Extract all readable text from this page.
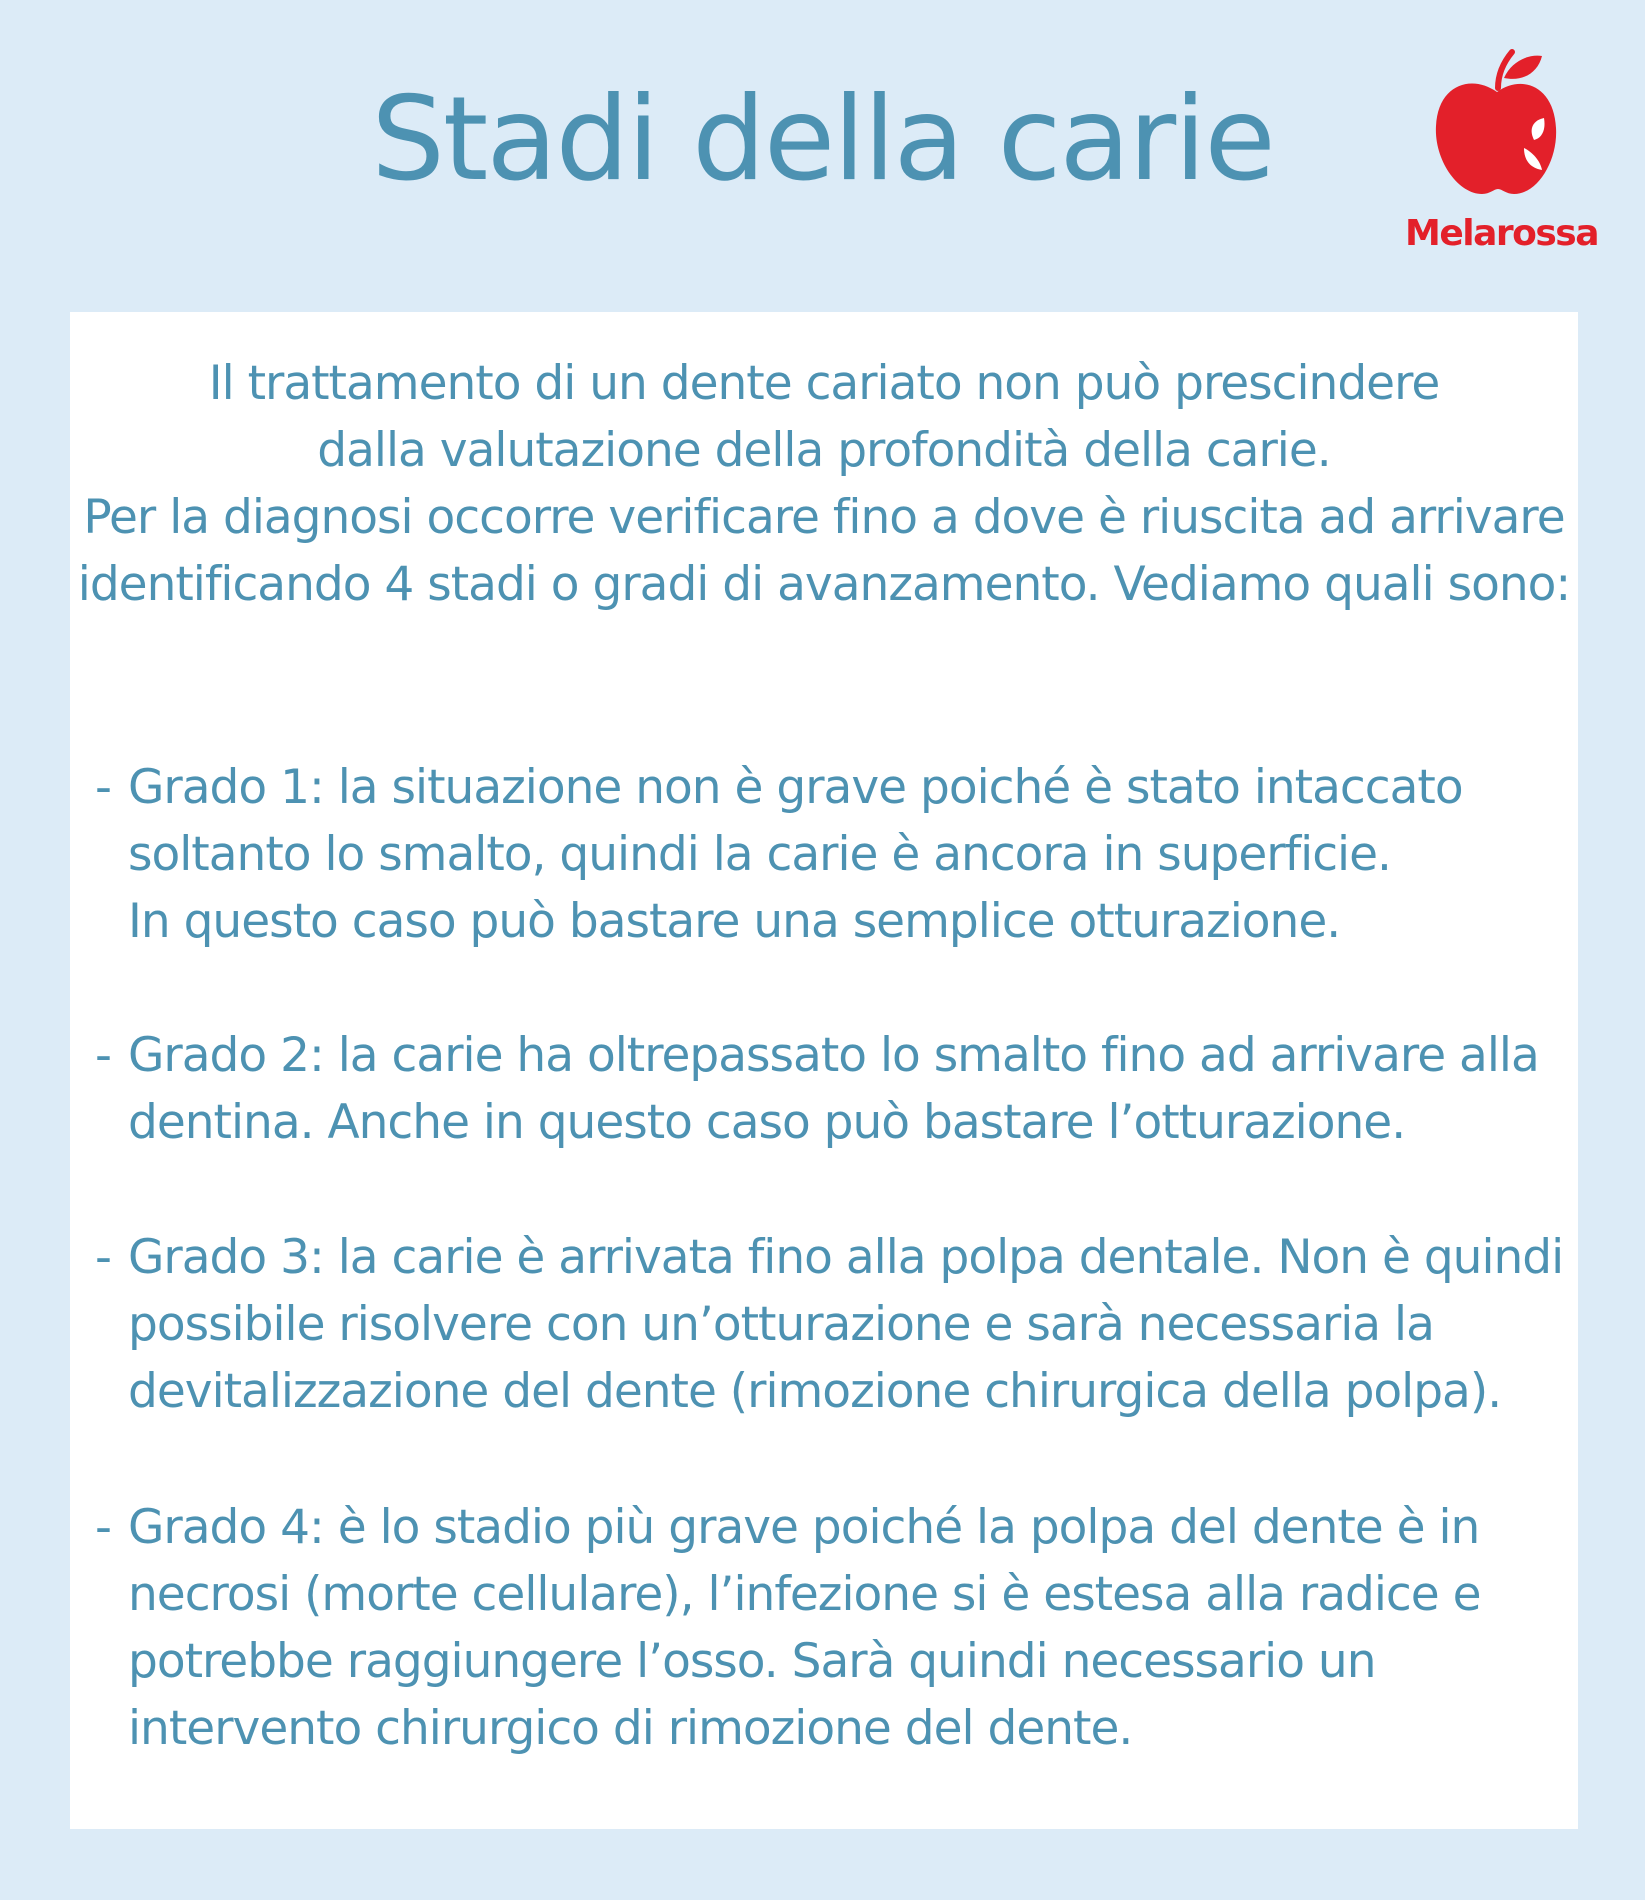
Stadi della carie
Melarossa

Il trattamento di un dente cariato non può prescindere
dalla valutazione della profondità della carie.

Per la diagnosi occorre verificare fino a dove è riuscita ad arrivare
identificando 4 stadi o gradi di avanzamento. Vediamo quali sono:

- Grado 1: la situazione non è grave poiché è stato intaccato
soltanto lo smalto, quindi la carie è ancora in superficie.
In questo caso può bastare una semplice otturazione.
- Grado 2: la carie ha oltrepassato lo smalto fino ad arrivare alla
dentina. Anche in questo caso può bastare l’otturazione.
- Grado 3: la carie è arrivata fino alla polpa dentale. Non è quindi
possibile risolvere con un’otturazione e sarà necessaria la
devitalizzazione del dente (rimozione chirurgica della polpa).
- Grado 4: è lo stadio più grave poiché la polpa del dente è in
necrosi (morte cellulare), l’infezione si è estesa alla radice e
potrebbe raggiungere l’osso. Sarà quindi necessario un
intervento chirurgico di rimozione del dente.
